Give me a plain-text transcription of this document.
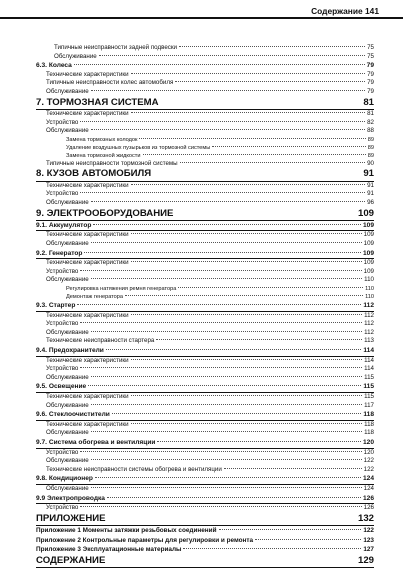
Содержание 141
Типичные неисправности задней подвески	75
Обслуживание	75
6.3. Колеса	79
Технические характеристики	79
Типичные неисправности колес автомобиля	79
Обслуживание	79
7. ТОРМОЗНАЯ СИСТЕМА	81
Технические характеристики	81
Устройство	82
Обслуживание	88
Замена тормозных колодок	89
Удаление воздушных пузырьков из тормозной системы	89
Замена тормозной жидкости	89
Типичные неисправности тормозной системы	90
8. КУЗОВ АВТОМОБИЛЯ	91
Технические характеристики	91
Устройство	91
Обслуживание	96
9. ЭЛЕКТРООБОРУДОВАНИЕ	109
9.1. Аккумулятор	109
Технические характеристики	109
Обслуживание	109
9.2. Генератор	109
Технические характеристики	109
Устройство	109
Обслуживание	110
Регулировка натяжения ремня генератора	110
Демонтаж генератора	110
9.3. Стартер	112
Технические характеристики	112
Устройство	112
Обслуживание	112
Технические неисправности стартера	113
9.4. Предохранители	114
Технические характеристики	114
Устройство	114
Обслуживание	115
9.5. Освещение	115
Технические характеристики	115
Обслуживание	117
9.6. Стеклоочистители	118
Технические характеристики	118
Обслуживание	118
9.7. Система обогрева и вентиляции	120
Устройство	120
Обслуживание	122
Технические неисправности системы обогрева и вентиляции	122
9.8. Кондиционер	124
Обслуживание	124
9.9 Электропроводка	126
Устройство	126
ПРИЛОЖЕНИЕ	132
Приложение 1 Моменты затяжки резьбовых соединений	122
Приложение 2 Контрольные параметры для регулировки и ремонта	123
Приложение 3 Эксплуатационные материалы	127
СОДЕРЖАНИЕ	129
